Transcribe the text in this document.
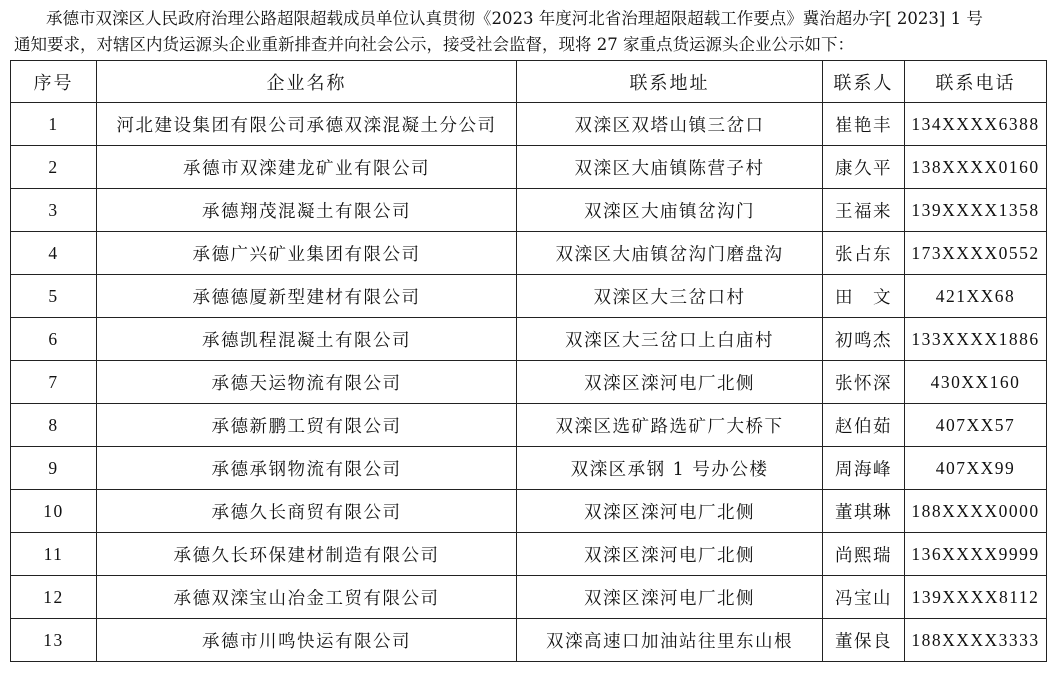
承德市双滦区人民政府治理公路超限超载成员单位认真贯彻《2023 年度河北省治理超限超载工作要点》冀治超办字[ 2023] 1 号

通知要求，对辖区内货运源头企业重新排查并向社会公示，接受社会监督，现将 27 家重点货运源头企业公示如下：

序号	企业名称	联系地址	联系人	联系电话
1	河北建设集团有限公司承德双滦混凝土分公司	双滦区双塔山镇三岔口	崔艳丰	134XXXX6388
2	承德市双滦建龙矿业有限公司	双滦区大庙镇陈营子村	康久平	138XXXX0160
3	承德翔茂混凝土有限公司	双滦区大庙镇岔沟门	王福来	139XXXX1358
4	承德广兴矿业集团有限公司	双滦区大庙镇岔沟门磨盘沟	张占东	173XXXX0552
5	承德德厦新型建材有限公司	双滦区大三岔口村	田　文	421XX68
6	承德凯程混凝土有限公司	双滦区大三岔口上白庙村	初鸣杰	133XXXX1886
7	承德天运物流有限公司	双滦区滦河电厂北侧	张怀深	430XX160
8	承德新鹏工贸有限公司	双滦区选矿路选矿厂大桥下	赵伯茹	407XX57
9	承德承钢物流有限公司	双滦区承钢 1 号办公楼	周海峰	407XX99
10	承德久长商贸有限公司	双滦区滦河电厂北侧	董琪琳	188XXXX0000
11	承德久长环保建材制造有限公司	双滦区滦河电厂北侧	尚熙瑞	136XXXX9999
12	承德双滦宝山冶金工贸有限公司	双滦区滦河电厂北侧	冯宝山	139XXXX8112
13	承德市川鸣快运有限公司	双滦高速口加油站往里东山根	董保良	188XXXX3333
